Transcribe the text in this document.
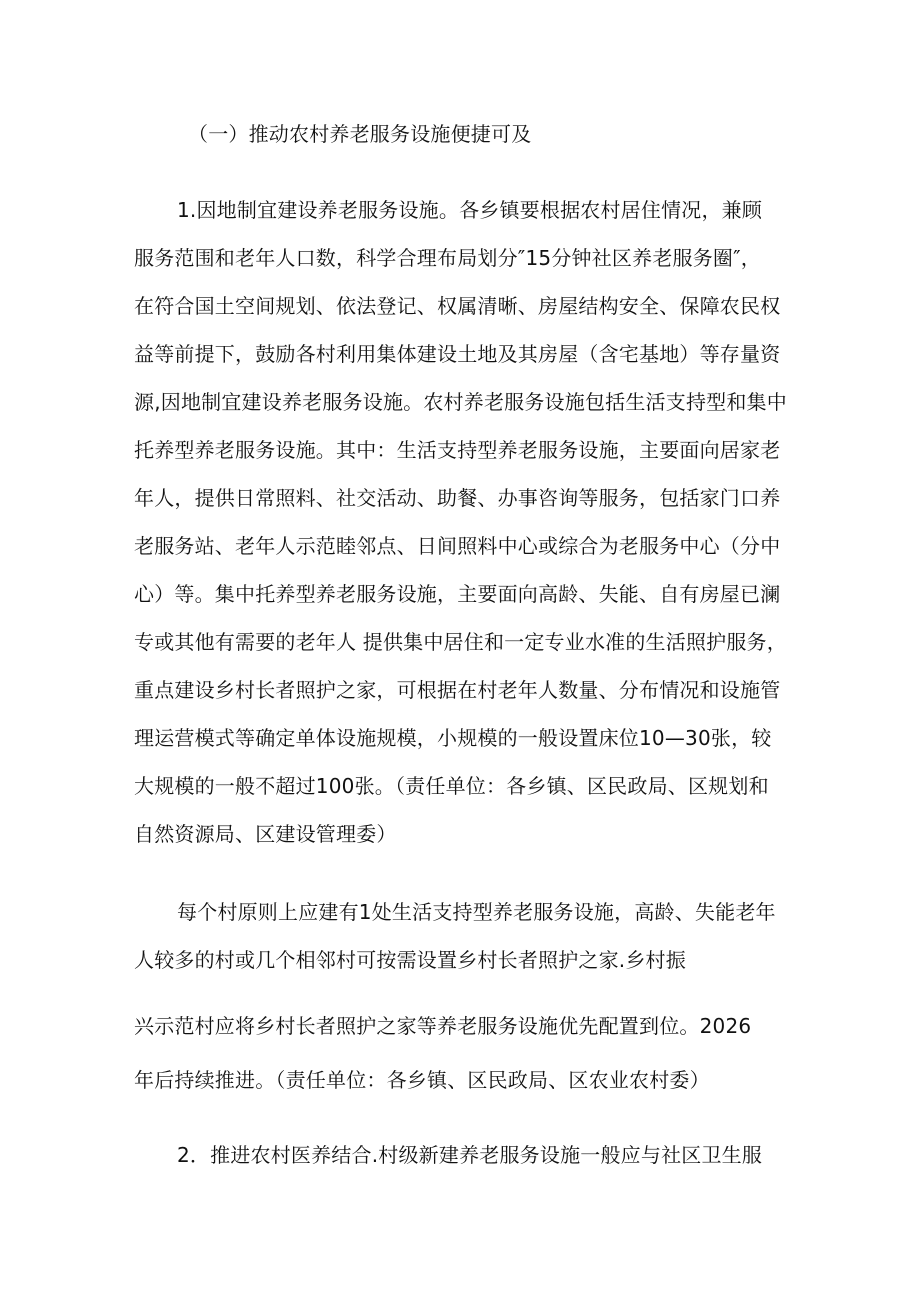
（一）推动农村养老服务设施便捷可及
1.因地制宜建设养老服务设施。各乡镇要根据农村居住情况，兼顾
服务范围和老年人口数，科学合理布局划分″15分钟社区养老服务圈″，
在符合国土空间规划、依法登记、权属清晰、房屋结构安全、保障农民权
益等前提下，鼓励各村利用集体建设土地及其房屋（含宅基地）等存量资
源,因地制宜建设养老服务设施。农村养老服务设施包括生活支持型和集中
托养型养老服务设施。其中：生活支持型养老服务设施，主要面向居家老
年人，提供日常照料、社交活动、助餐、办事咨询等服务，包括家门口养
老服务站、老年人示范睦邻点、日间照料中心或综合为老服务中心（分中
心）等。集中托养型养老服务设施，主要面向高龄、失能、自有房屋已澜
专或其他有需要的老年人 提供集中居住和一定专业水准的生活照护服务，
重点建设乡村长者照护之家，可根据在村老年人数量、分布情况和设施管
理运营模式等确定单体设施规模，小规模的一般设置床位10—30张，较
大规模的一般不超过100张。（责任单位：各乡镇、区民政局、区规划和
自然资源局、区建设管理委）
每个村原则上应建有1处生活支持型养老服务设施，高龄、失能老年
人较多的村或几个相邻村可按需设置乡村长者照护之家.乡村振
兴示范村应将乡村长者照护之家等养老服务设施优先配置到位。2026
年后持续推进。（责任单位：各乡镇、区民政局、区农业农村委）
2．推进农村医养结合.村级新建养老服务设施一般应与社区卫生服
